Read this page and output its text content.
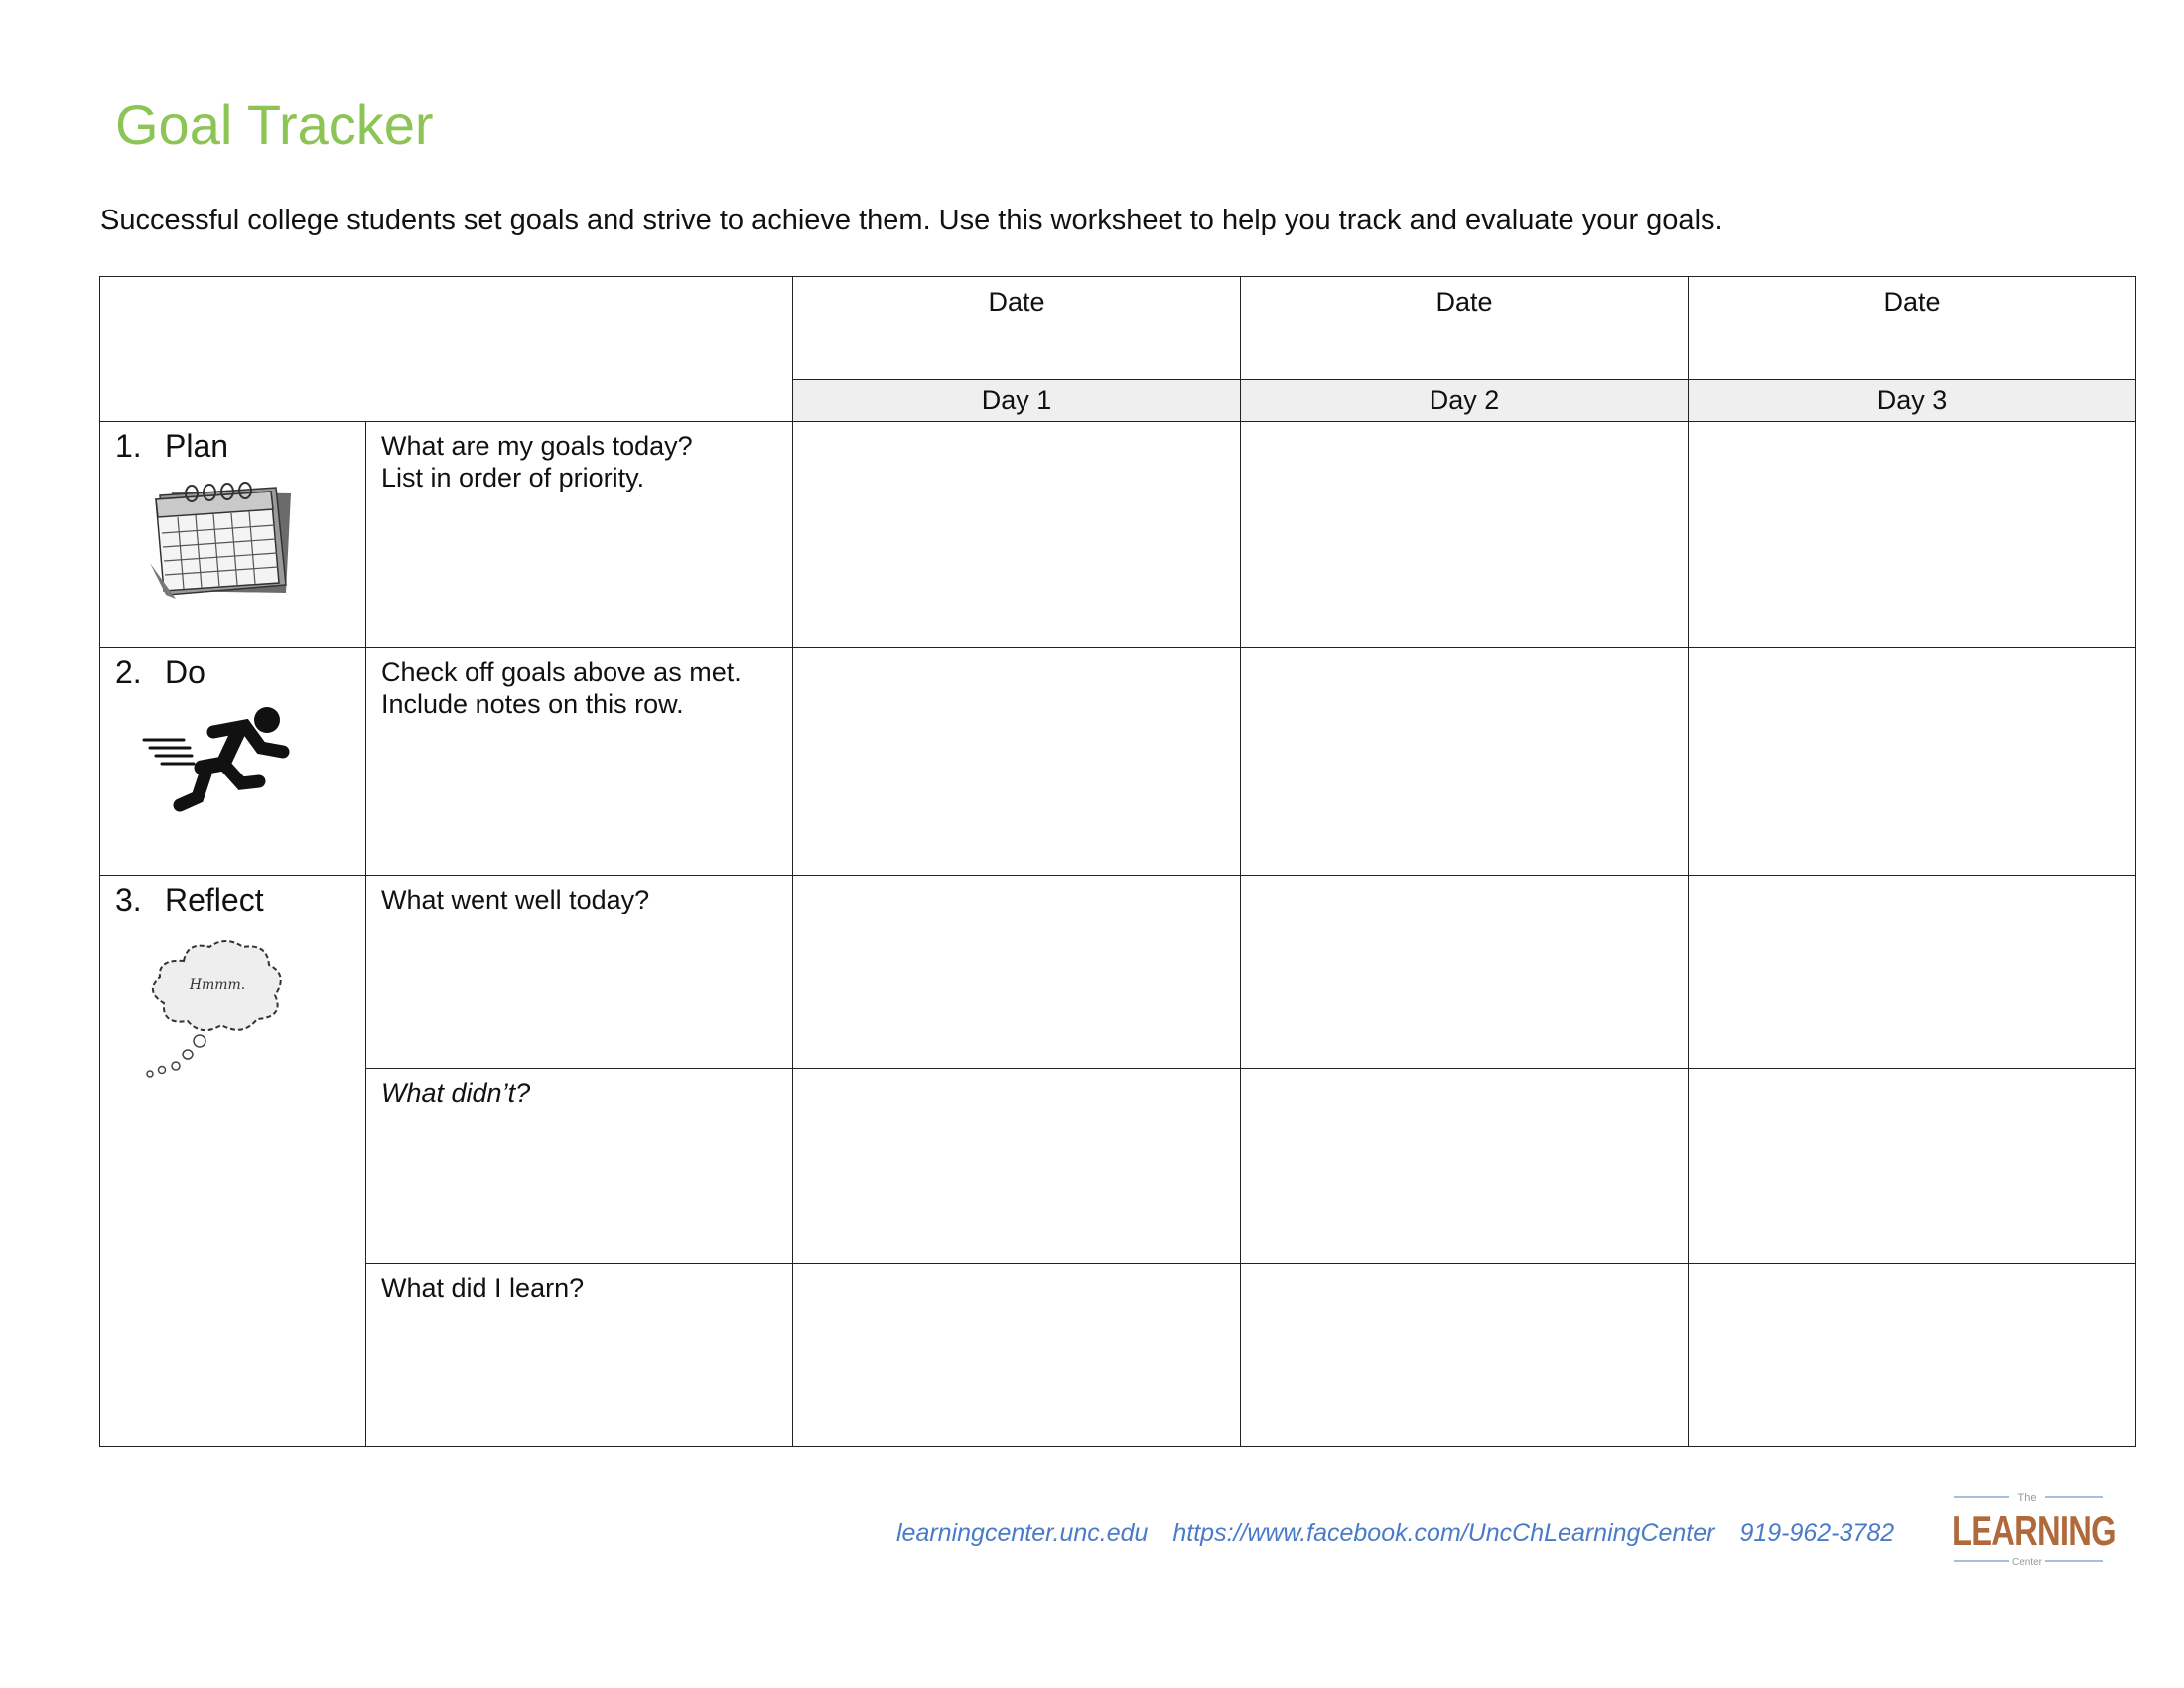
Goal Tracker

Successful college students set goals and strive to achieve them. Use this worksheet to help you track and evaluate your goals.

		Date	Date	Date
		Day 1	Day 2	Day 3

1. Plan	What are my goals today?
List in order of priority.			

2. Do	Check off goals above as met.
Include notes on this row.			

3. Reflect
Hmmm.	What went well today?			

	What didn’t?			

	What did I learn?			

learningcenter.unc.edu https://www.facebook.com/UncChLearningCenter 919-962-3782
The
Center
LEARNING
